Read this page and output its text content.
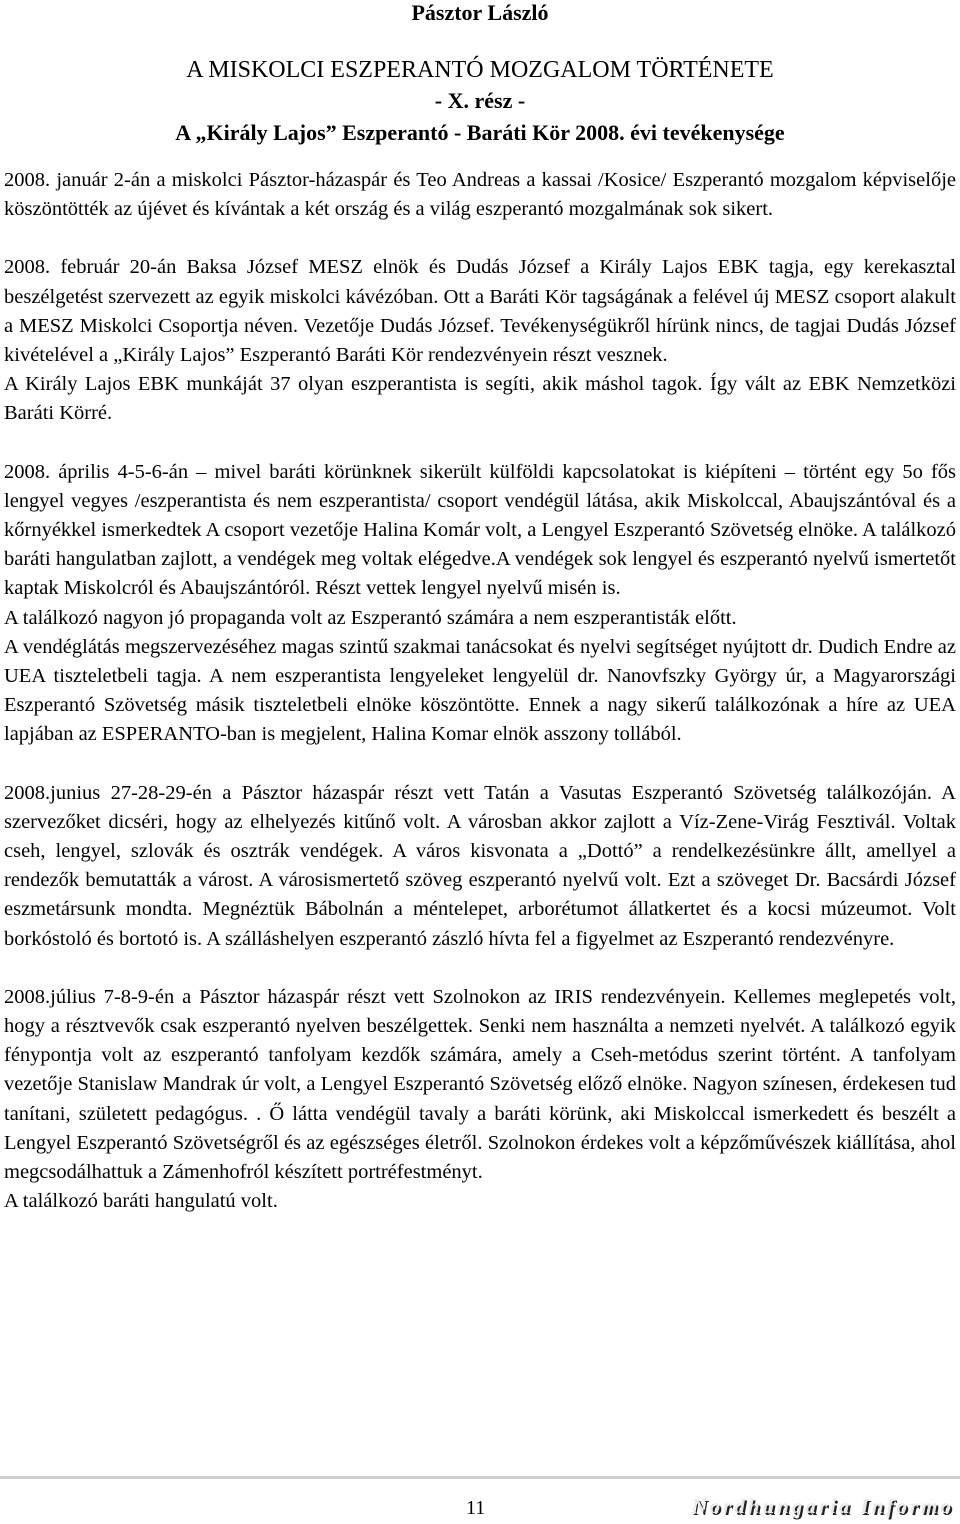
Pásztor László
A MISKOLCI ESZPERANTÓ MOZGALOM TÖRTÉNETE
- X. rész -
A „Király Lajos” Eszperantó - Baráti Kör 2008. évi tevékenysége

2008. január 2-án a miskolci Pásztor-házaspár és Teo Andreas a kassai /Kosice/ Eszperantó mozgalom képviselője köszöntötték az újévet és kívántak a két ország és a világ eszperantó mozgalmának sok sikert.

2008. február 20-án Baksa József MESZ elnök és Dudás József a Király Lajos EBK tagja, egy kerekasztal beszélgetést szervezett az egyik miskolci kávézóban. Ott a Baráti Kör tagságának a felével új MESZ csoport alakult a MESZ Miskolci Csoportja néven. Vezetője Dudás József. Tevékenységükről hírünk nincs, de tagjai Dudás József kivételével a „Király Lajos” Eszperantó Baráti Kör rendezvényein részt vesznek.

A Király Lajos EBK munkáját 37 olyan eszperantista is segíti, akik máshol tagok. Így vált az EBK Nemzetközi Baráti Körré.

2008. április 4-5-6-án – mivel baráti körünknek sikerült külföldi kapcsolatokat is kiépíteni – történt egy 5o fős lengyel vegyes /eszperantista és nem eszperantista/ csoport vendégül látása, akik Miskolccal, Abaujszántóval és a kőrnyékkel ismerkedtek A csoport vezetője Halina Komár volt, a Lengyel Eszperantó Szövetség elnöke. A találkozó baráti hangulatban zajlott, a vendégek meg voltak elégedve.A vendégek sok lengyel és eszperantó nyelvű ismertetőt kaptak Miskolcról és Abaujszántóról. Részt vettek lengyel nyelvű misén is.

A találkozó nagyon jó propaganda volt az Eszperantó számára a nem eszperantisták előtt.

A vendéglátás megszervezéséhez magas szintű szakmai tanácsokat és nyelvi segítséget nyújtott dr. Dudich Endre az UEA tiszteletbeli tagja. A nem eszperantista lengyeleket lengyelül dr. Nanovfszky György úr, a Magyarországi Eszperantó Szövetség másik tiszteletbeli elnöke köszöntötte. Ennek a nagy sikerű találkozónak a híre az UEA lapjában az ESPERANTO-ban is megjelent, Halina Komar elnök asszony tollából.

2008.junius 27-28-29-én a Pásztor házaspár részt vett Tatán a Vasutas Eszperantó Szövetség találkozóján. A szervezőket dicséri, hogy az elhelyezés kitűnő volt. A városban akkor zajlott a Víz-Zene-Virág Fesztivál. Voltak cseh, lengyel, szlovák és osztrák vendégek. A város kisvonata a „Dottó” a rendelkezésünkre állt, amellyel a rendezők bemutatták a várost. A városismertető szöveg eszperantó nyelvű volt. Ezt a szöveget Dr. Bacsárdi József eszmetársunk mondta. Megnéztük Bábolnán a méntelepet, arborétumot állatkertet és a kocsi múzeumot. Volt borkóstoló és bortotó is. A szálláshelyen eszperantó zászló hívta fel a figyelmet az Eszperantó rendezvényre.

2008.július 7-8-9-én a Pásztor házaspár részt vett Szolnokon az IRIS rendezvényein. Kellemes meglepetés volt, hogy a résztvevők csak eszperantó nyelven beszélgettek. Senki nem használta a nemzeti nyelvét. A találkozó egyik fénypontja volt az eszperantó tanfolyam kezdők számára, amely a Cseh-metódus szerint történt. A tanfolyam vezetője Stanislaw Mandrak úr volt, a Lengyel Eszperantó Szövetség előző elnöke. Nagyon színesen, érdekesen tud tanítani, született pedagógus. . Ő látta vendégül tavaly a baráti körünk, aki Miskolccal ismerkedett és beszélt a Lengyel Eszperantó Szövetségről és az egészséges életről. Szolnokon érdekes volt a képzőművészek kiállítása, ahol megcsodálhattuk a Zámenhofról készített portréfestményt.

A találkozó baráti hangulatú volt.

11	Nordhungaria Informo
